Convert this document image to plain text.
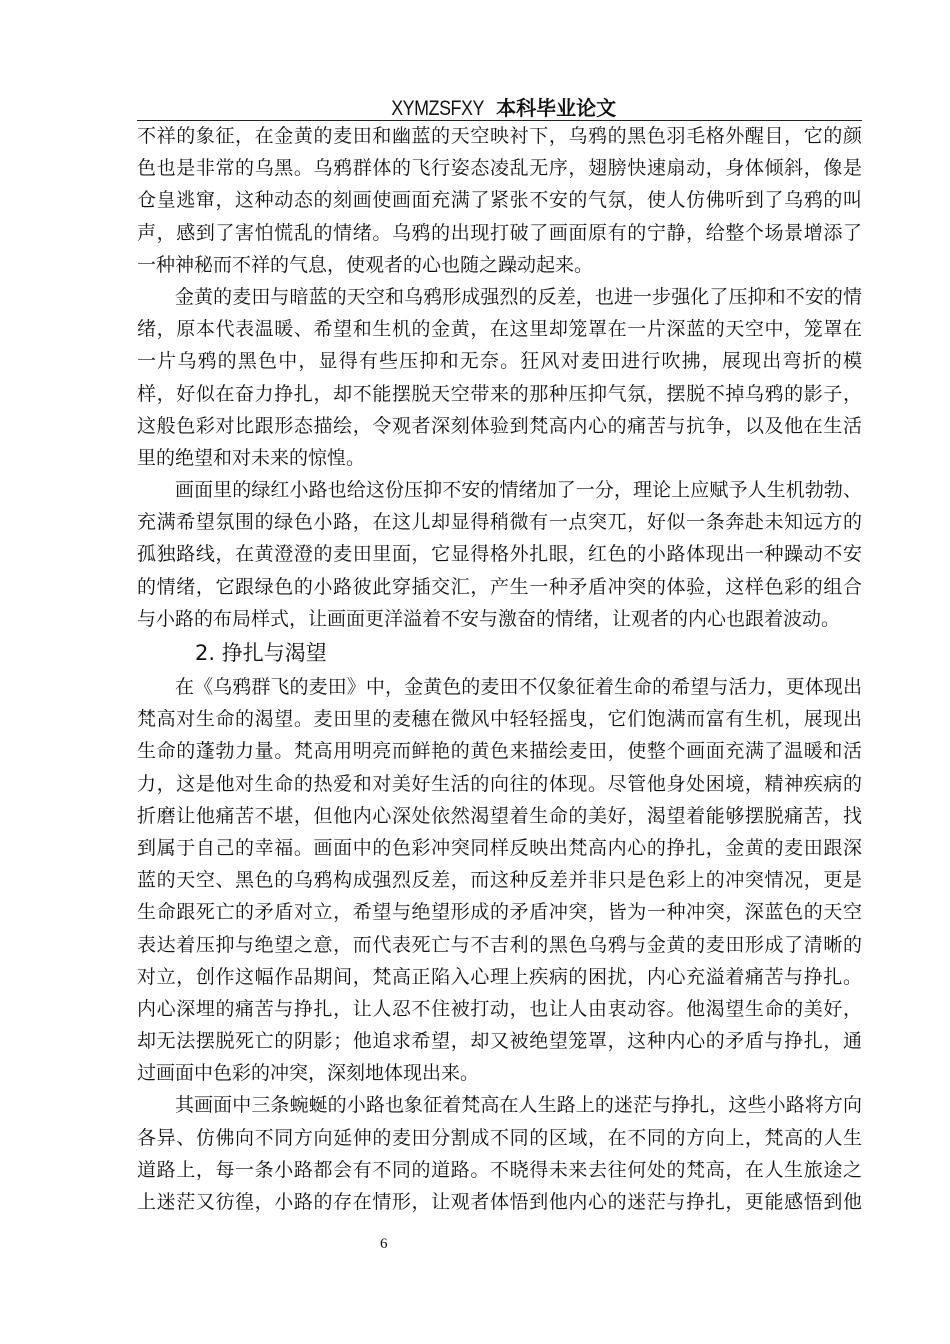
XYMZSFXY 本科毕业论文
不祥的象征，在金黄的麦田和幽蓝的天空映衬下，乌鸦的黑色羽毛格外醒目，它的颜
色也是非常的乌黑。乌鸦群体的飞行姿态凌乱无序，翅膀快速扇动，身体倾斜，像是
仓皇逃窜，这种动态的刻画使画面充满了紧张不安的气氛，使人仿佛听到了乌鸦的叫
声，感到了害怕慌乱的情绪。乌鸦的出现打破了画面原有的宁静，给整个场景增添了
一种神秘而不祥的气息，使观者的心也随之躁动起来。
金黄的麦田与暗蓝的天空和乌鸦形成强烈的反差，也进一步强化了压抑和不安的情
绪，原本代表温暖、希望和生机的金黄，在这里却笼罩在一片深蓝的天空中，笼罩在
一片乌鸦的黑色中，显得有些压抑和无奈。狂风对麦田进行吹拂，展现出弯折的模
样，好似在奋力挣扎，却不能摆脱天空带来的那种压抑气氛，摆脱不掉乌鸦的影子，
这般色彩对比跟形态描绘，令观者深刻体验到梵高内心的痛苦与抗争，以及他在生活
里的绝望和对未来的惊惶。
画面里的绿红小路也给这份压抑不安的情绪加了一分，理论上应赋予人生机勃勃、
充满希望氛围的绿色小路，在这儿却显得稍微有一点突兀，好似一条奔赴未知远方的
孤独路线，在黄澄澄的麦田里面，它显得格外扎眼，红色的小路体现出一种躁动不安
的情绪，它跟绿色的小路彼此穿插交汇，产生一种矛盾冲突的体验，这样色彩的组合
与小路的布局样式，让画面更洋溢着不安与激奋的情绪，让观者的内心也跟着波动。
2. 挣扎与渴望
在《乌鸦群飞的麦田》中，金黄色的麦田不仅象征着生命的希望与活力，更体现出
梵高对生命的渴望。麦田里的麦穗在微风中轻轻摇曳，它们饱满而富有生机，展现出
生命的蓬勃力量。梵高用明亮而鲜艳的黄色来描绘麦田，使整个画面充满了温暖和活
力，这是他对生命的热爱和对美好生活的向往的体现。尽管他身处困境，精神疾病的
折磨让他痛苦不堪，但他内心深处依然渴望着生命的美好，渴望着能够摆脱痛苦，找
到属于自己的幸福。画面中的色彩冲突同样反映出梵高内心的挣扎，金黄的麦田跟深
蓝的天空、黑色的乌鸦构成强烈反差，而这种反差并非只是色彩上的冲突情况，更是
生命跟死亡的矛盾对立，希望与绝望形成的矛盾冲突，皆为一种冲突，深蓝色的天空
表达着压抑与绝望之意，而代表死亡与不吉利的黑色乌鸦与金黄的麦田形成了清晰的
对立，创作这幅作品期间，梵高正陷入心理上疾病的困扰，内心充溢着痛苦与挣扎。
内心深埋的痛苦与挣扎，让人忍不住被打动，也让人由衷动容。他渴望生命的美好，
却无法摆脱死亡的阴影；他追求希望，却又被绝望笼罩，这种内心的矛盾与挣扎，通
过画面中色彩的冲突，深刻地体现出来。
其画面中三条蜿蜒的小路也象征着梵高在人生路上的迷茫与挣扎，这些小路将方向
各异、仿佛向不同方向延伸的麦田分割成不同的区域，在不同的方向上，梵高的人生
道路上，每一条小路都会有不同的道路。不晓得未来去往何处的梵高，在人生旅途之
上迷茫又彷徨，小路的存在情形，让观者体悟到他内心的迷茫与挣扎，更能感悟到他
6
